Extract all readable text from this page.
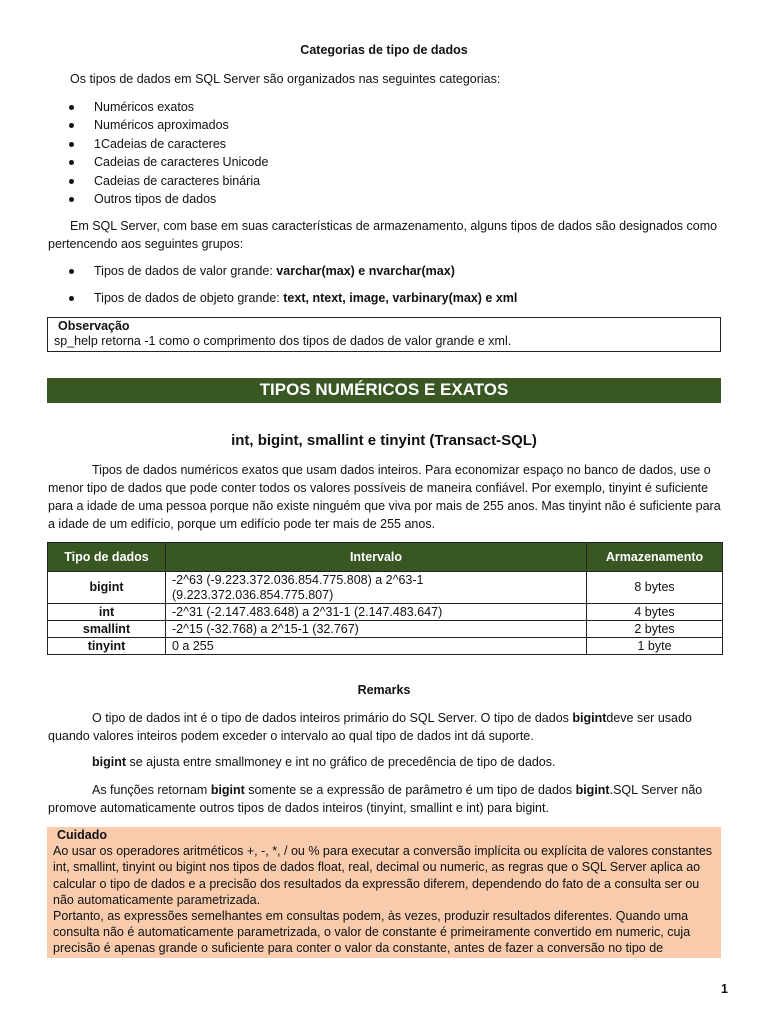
Categorias de tipo de dados
Os tipos de dados em SQL Server são organizados nas seguintes categorias:
Numéricos exatos
Numéricos aproximados
1Cadeias de caracteres
Cadeias de caracteres Unicode
Cadeias de caracteres binária
Outros tipos de dados
Em SQL Server, com base em suas características de armazenamento, alguns tipos de dados são designados como pertencendo aos seguintes grupos:
Tipos de dados de valor grande: varchar(max) e nvarchar(max)
Tipos de dados de objeto grande: text, ntext, image, varbinary(max) e xml
Observação
sp_help retorna -1 como o comprimento dos tipos de dados de valor grande e xml.
TIPOS NUMÉRICOS E EXATOS
int, bigint, smallint e tinyint (Transact-SQL)
Tipos de dados numéricos exatos que usam dados inteiros. Para economizar espaço no banco de dados, use o menor tipo de dados que pode conter todos os valores possíveis de maneira confiável. Por exemplo, tinyint é suficiente para a idade de uma pessoa porque não existe ninguém que viva por mais de 255 anos. Mas tinyint não é suficiente para a idade de um edifício, porque um edifício pode ter mais de 255 anos.
Tipo de dados	Intervalo	Armazenamento
bigint	-2^63 (-9.223.372.036.854.775.808) a 2^63-1 (9.223.372.036.854.775.807)	8 bytes
int	-2^31 (-2.147.483.648) a 2^31-1 (2.147.483.647)	4 bytes
smallint	-2^15 (-32.768) a 2^15-1 (32.767)	2 bytes
tinyint	0 a 255	1 byte
Remarks
O tipo de dados int é o tipo de dados inteiros primário do SQL Server. O tipo de dados bigintdeve ser usado quando valores inteiros podem exceder o intervalo ao qual tipo de dados int dá suporte.
bigint se ajusta entre smallmoney e int no gráfico de precedência de tipo de dados.
As funções retornam bigint somente se a expressão de parâmetro é um tipo de dados bigint.SQL Server não promove automaticamente outros tipos de dados inteiros (tinyint, smallint e int) para bigint.
Cuidado
Ao usar os operadores aritméticos +, -, *, / ou % para executar a conversão implícita ou explícita de valores constantes int, smallint, tinyint ou bigint nos tipos de dados float, real, decimal ou numeric, as regras que o SQL Server aplica ao calcular o tipo de dados e a precisão dos resultados da expressão diferem, dependendo do fato de a consulta ser ou não automaticamente parametrizada.
Portanto, as expressões semelhantes em consultas podem, às vezes, produzir resultados diferentes. Quando uma consulta não é automaticamente parametrizada, o valor de constante é primeiramente convertido em numeric, cuja precisão é apenas grande o suficiente para conter o valor da constante, antes de fazer a conversão no tipo de
1
